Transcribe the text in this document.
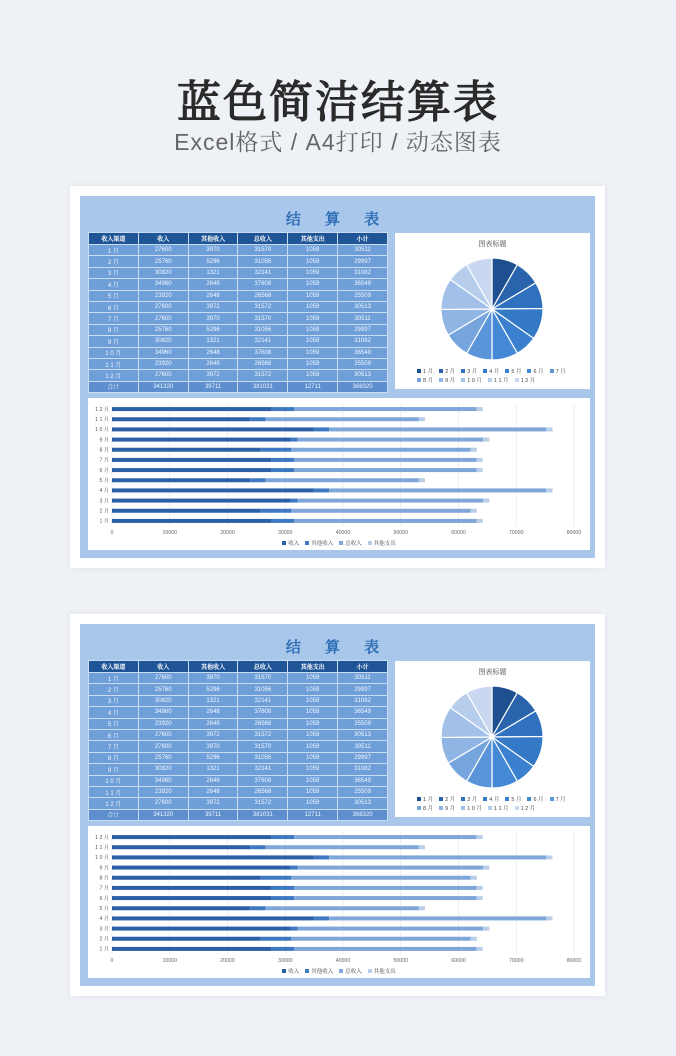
蓝色简洁结算表
Excel格式 / A4打印 / 动态图表
结 算 表
收入渠道	收入	其他收入	总收入	其他支出	小计
1 月	27600	3970	31570	1059	30511
2 月	25760	5296	31056	1059	29997
3 月	30820	1321	32141	1059	31082
4 月	34960	2648	37608	1059	36549
5 月	23920	2648	26568	1059	25509
6 月	27600	3972	31572	1059	30513
7 月	27600	3970	31570	1059	30511
8 月	25760	5296	31056	1059	29997
9 月	30820	1321	32141	1059	31082
1 0 月	34960	2648	37608	1059	36549
1 1 月	23920	2648	26568	1059	25509
1 2 月	27600	3972	31572	1059	30513
合计	341320	39711	381031	12711	368320
图表标题
1 月 2 月 3 月 4 月 5 月 6 月 7 月
8 月 9 月 1 0 月 1 1 月 1 2 月
0	10000	20000	30000	40000	50000	60000	70000	80000
1 2 月
1 1 月
1 0 月
9 月
8 月
7 月
6 月
5 月
4 月
3 月
2 月
1 月
收入 其他收入 总收入 其他支出
结 算 表
收入渠道	收入	其他收入	总收入	其他支出	小计
1 月	27600	3970	31570	1059	30511
2 月	25760	5296	31056	1059	29997
3 月	30820	1321	32141	1059	31082
4 月	34960	2648	37608	1059	36549
5 月	23920	2648	26568	1059	25509
6 月	27600	3972	31572	1059	30513
7 月	27600	3970	31570	1059	30511
8 月	25760	5296	31056	1059	29997
9 月	30820	1321	32141	1059	31082
1 0 月	34960	2648	37608	1059	36549
1 1 月	23920	2648	26568	1059	25509
1 2 月	27600	3972	31572	1059	30513
合计	341320	39711	381031	12711	368320
图表标题
1 月 2 月 3 月 4 月 5 月 6 月 7 月
8 月 9 月 1 0 月 1 1 月 1 2 月
0	10000	20000	30000	40000	50000	60000	70000	80000
1 2 月
1 1 月
1 0 月
9 月
8 月
7 月
6 月
5 月
4 月
3 月
2 月
1 月
收入 其他收入 总收入 其他支出
